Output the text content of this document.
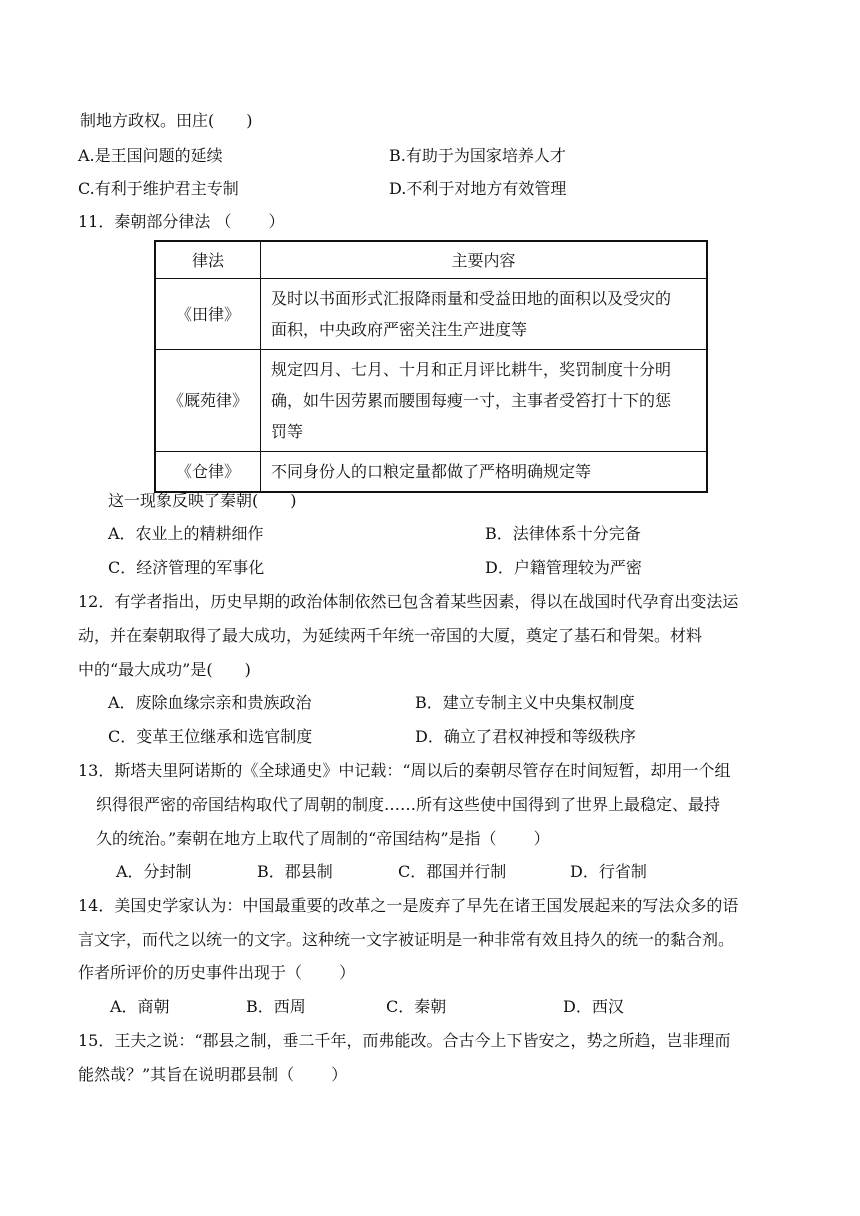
制地方政权。田庄(　　)
A.是王国问题的延续	B.有助于为国家培养人才
C.有利于维护君主专制	D.不利于对地方有效管理
11．秦朝部分律法 （　　 ）
律法	主要内容
《田律》	及时以书面形式汇报降雨量和受益田地的面积以及受灾的
面积，中央政府严密关注生产进度等

《厩苑律》	规定四月、七月、十月和正月评比耕牛，奖罚制度十分明
确，如牛因劳累而腰围每瘦一寸，主事者受笞打十下的惩
罚等

《仓律》	不同身份人的口粮定量都做了严格明确规定等
这一现象反映了秦朝(　　)
A．农业上的精耕细作	B．法律体系十分完备
C．经济管理的军事化	D．户籍管理较为严密
12．有学者指出，历史早期的政治体制依然已包含着某些因素，得以在战国时代孕育出变法运
动，并在秦朝取得了最大成功，为延续两千年统一帝国的大厦，奠定了基石和骨架。材料
中的“最大成功”是(　　)
A．废除血缘宗亲和贵族政治	B．建立专制主义中央集权制度
C．变革王位继承和选官制度	D．确立了君权神授和等级秩序
13．斯塔夫里阿诺斯的《全球通史》中记载：“周以后的秦朝尽管存在时间短暂，却用一个组
织得很严密的帝国结构取代了周朝的制度……所有这些使中国得到了世界上最稳定、最持
久的统治。”秦朝在地方上取代了周制的“帝国结构”是指（　　 ）
A．分封制	B．郡县制	C．郡国并行制	D．行省制
14．美国史学家认为：中国最重要的改革之一是废弃了早先在诸王国发展起来的写法众多的语
言文字，而代之以统一的文字。这种统一文字被证明是一种非常有效且持久的统一的黏合剂。
作者所评价的历史事件出现于（　　 ）
A．商朝	B．西周	C．秦朝	D．西汉
15．王夫之说：“郡县之制，垂二千年，而弗能改。合古今上下皆安之，势之所趋，岂非理而
能然哉？”其旨在说明郡县制（　　 ）
